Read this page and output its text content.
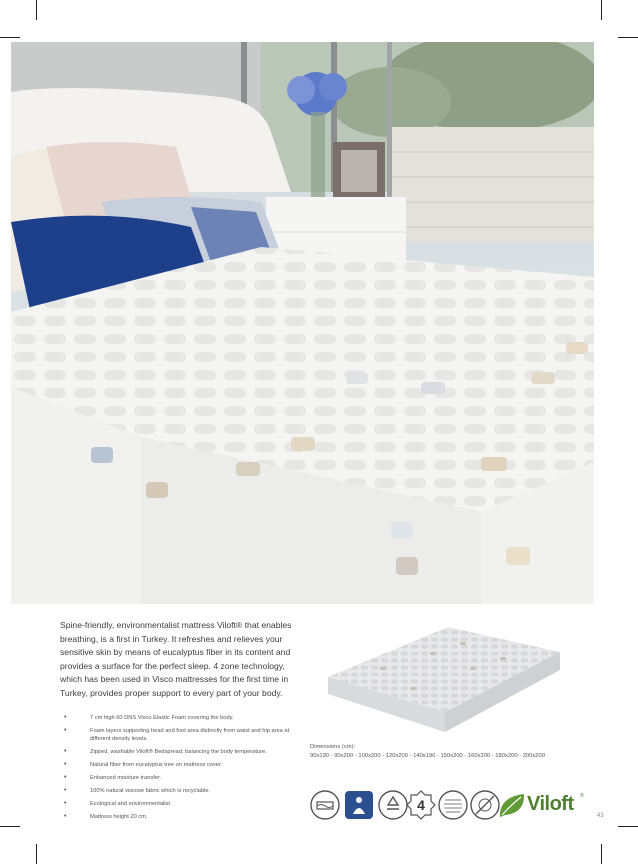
Spine-friendly, environmentalist mattress Viloft® that enables breathing, is a first in Turkey. It refreshes and relieves your sensitive skin by means of eucalyptus fiber in its content and provides a surface for the perfect sleep. 4 zone technology, which has been used in Visco mattresses for the first time in Turkey, provides proper support to every part of your body.

• 7 cm high 60 DNS Visco Elastic Foam covering the body.
• Foam layers supporting head and foot area distinctly from waist and hip area at different density levels.
• Zipped, washable Viloft® Bedspread, balancing the body temperature.
• Natural fiber from eucalyptus tree on mattress cover.
• Enhanced moisture transfer.
• 100% natural viscose fabric which is recyclable.
• Ecological and environmentalist.
• Mattress height 20 cm.
Dimensions (cm):
90x190 - 90x200 - 100x200 - 120x200 - 140x190 - 150x200 - 160x200 - 180x200 - 200x200
4	Viloft ®
43
